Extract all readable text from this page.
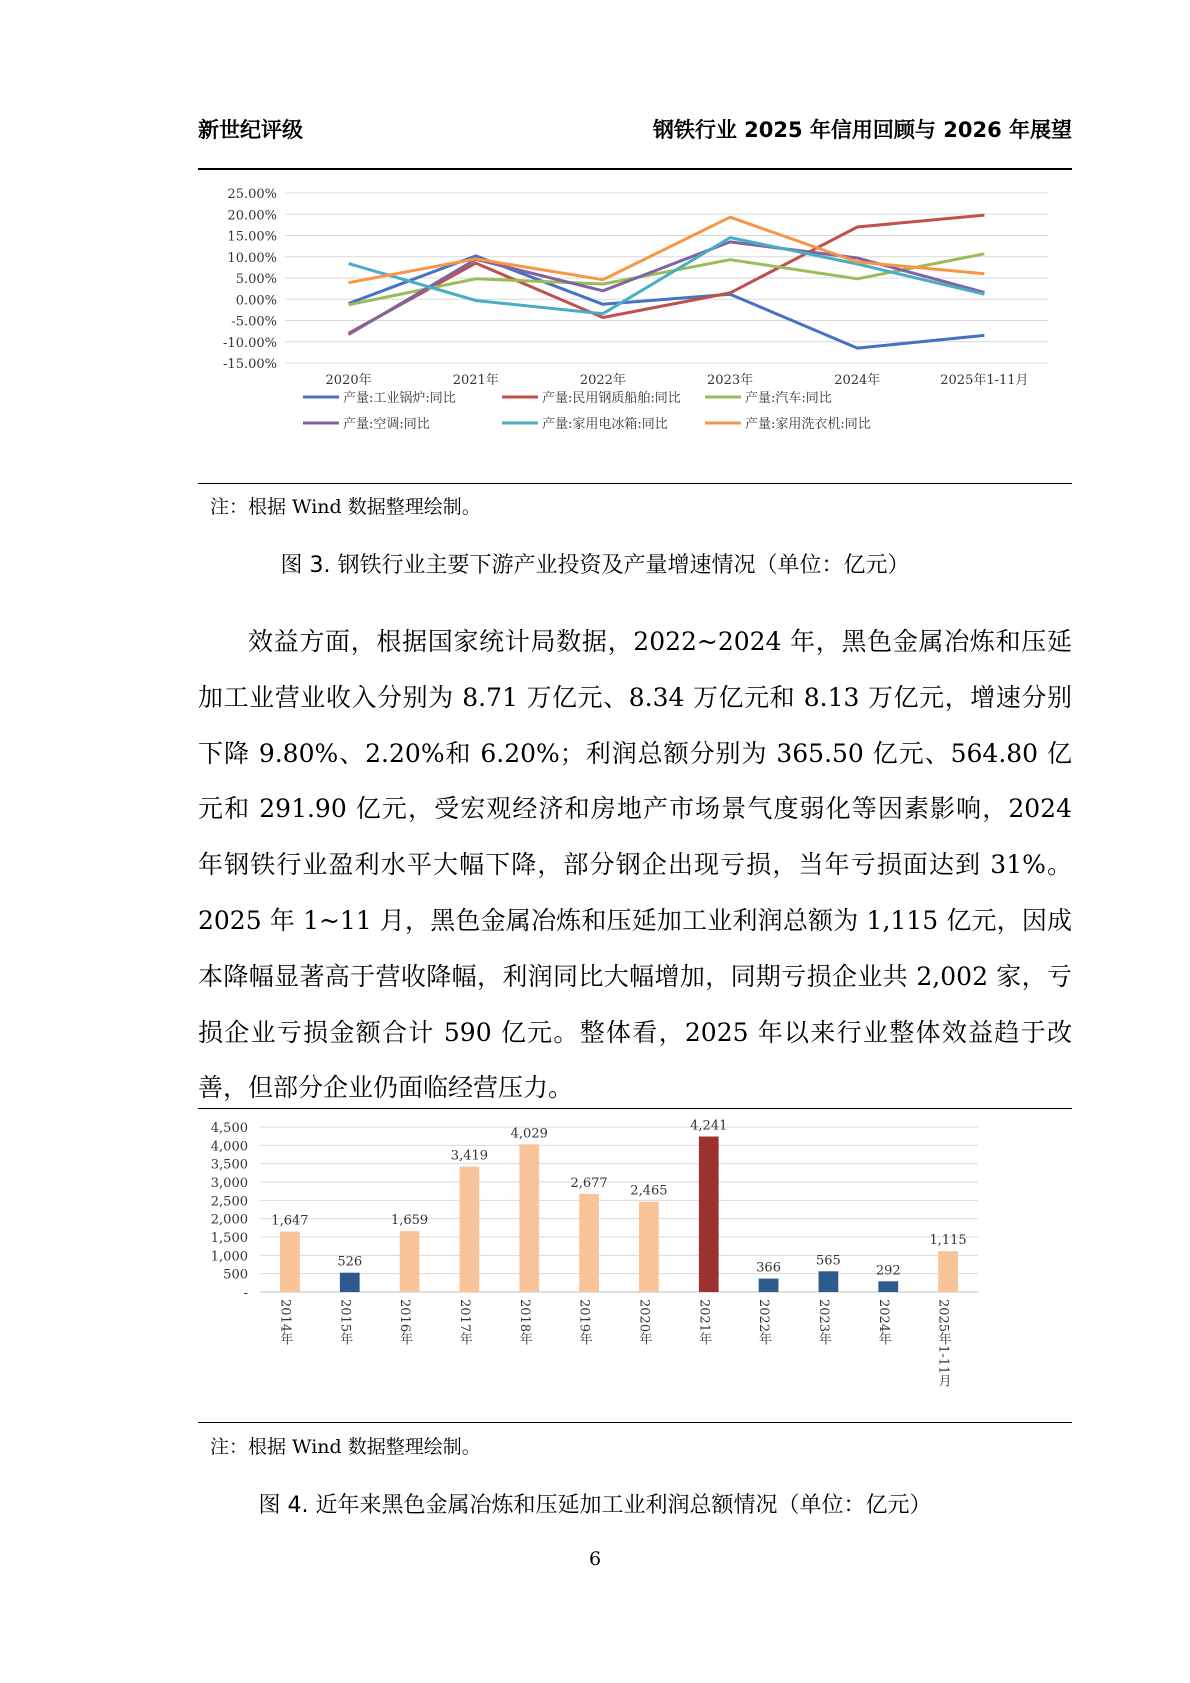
新世纪评级	钢铁行业 2025 年信用回顾与 2026 年展望
25.00%
20.00%
15.00%
10.00%
5.00%
0.00%
-5.00%
-10.00%
-15.00%
2020年	2021年	2022年	2023年	2024年	2025年1-11月
产量:工业锅炉:同比	产量:民用钢质船舶:同比	产量:汽车:同比
产量:空调:同比	产量:家用电冰箱:同比	产量:家用洗衣机:同比
注：根据 Wind 数据整理绘制。
图 3. 钢铁行业主要下游产业投资及产量增速情况（单位：亿元）
效益方面，根据国家统计局数据，2022~2024 年，黑色金属冶炼和压延加工业营业收入分别为 8.71 万亿元、8.34 万亿元和 8.13 万亿元，增速分别下降 9.80%、2.20%和 6.20%；利润总额分别为 365.50 亿元、564.80 亿元和 291.90 亿元，受宏观经济和房地产市场景气度弱化等因素影响，2024 年钢铁行业盈利水平大幅下降，部分钢企出现亏损，当年亏损面达到 31%。2025 年 1~11 月，黑色金属冶炼和压延加工业利润总额为 1,115 亿元，因成本降幅显著高于营收降幅，利润同比大幅增加，同期亏损企业共 2,002 家，亏损企业亏损金额合计 590 亿元。整体看，2025 年以来行业整体效益趋于改善，但部分企业仍面临经营压力。
4,500
4,000
3,500
3,000
2,500
2,000
1,500
1,000
500
-
1,647
2014年
526
2015年
1,659
2016年
3,419
2017年
4,029
2018年
2,677
2019年
2,465
2020年
4,241
2021年
366
2022年
565
2023年
292
2024年
1,115
2025年1-11月
注：根据 Wind 数据整理绘制。
图 4. 近年来黑色金属冶炼和压延加工业利润总额情况（单位：亿元）
6
